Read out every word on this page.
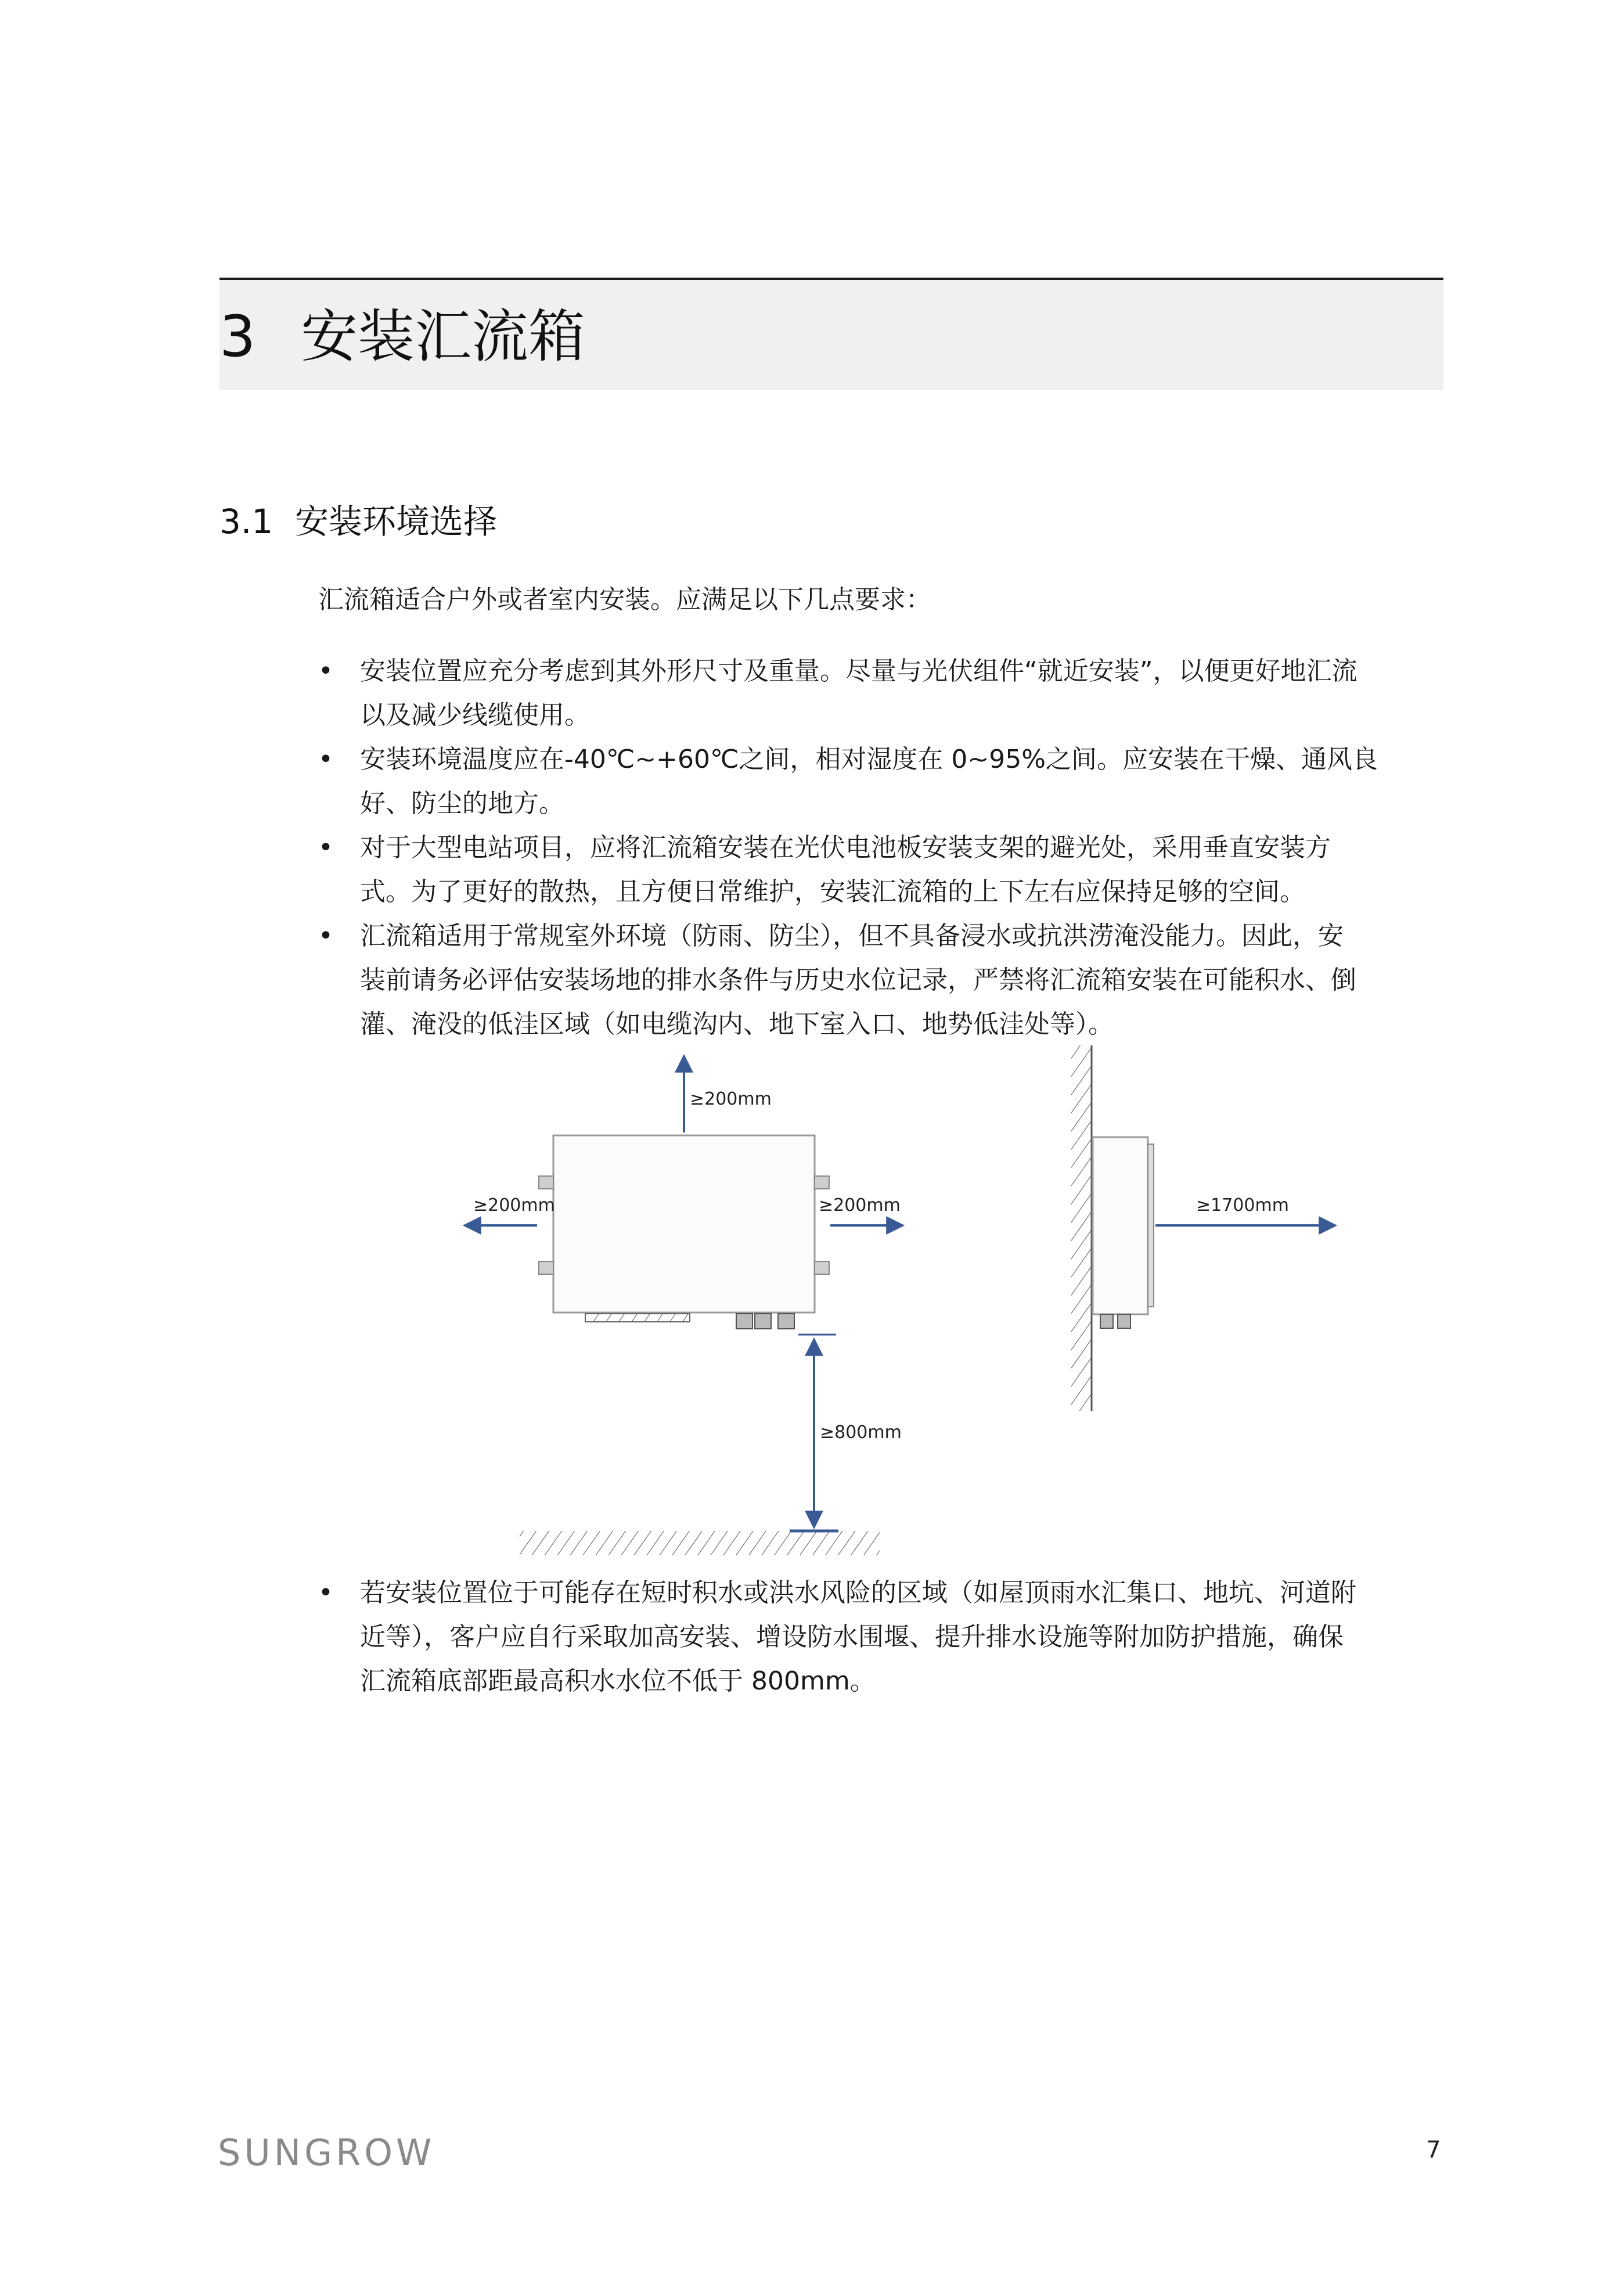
3 安装汇流箱
3.1 安装环境选择
汇流箱适合户外或者室内安装。应满足以下几点要求：
• 安装位置应充分考虑到其外形尺寸及重量。尽量与光伏组件“就近安装”，以便更好地汇流
以及减少线缆使用。
• 安装环境温度应在-40℃~+60℃之间，相对湿度在 0~95%之间。应安装在干燥、通风良
好、防尘的地方。
• 对于大型电站项目，应将汇流箱安装在光伏电池板安装支架的避光处，采用垂直安装方
式。为了更好的散热，且方便日常维护，安装汇流箱的上下左右应保持足够的空间。
• 汇流箱适用于常规室外环境（防雨、防尘），但不具备浸水或抗洪涝淹没能力。因此，安
装前请务必评估安装场地的排水条件与历史水位记录，严禁将汇流箱安装在可能积水、倒
灌、淹没的低洼区域（如电缆沟内、地下室入口、地势低洼处等）。
≥200mm
≥200mm	≥200mm
≥800mm
≥1700mm
• 若安装位置位于可能存在短时积水或洪水风险的区域（如屋顶雨水汇集口、地坑、河道附
近等），客户应自行采取加高安装、增设防水围堰、提升排水设施等附加防护措施，确保
汇流箱底部距最高积水水位不低于 800mm。
SUNGROW	7
